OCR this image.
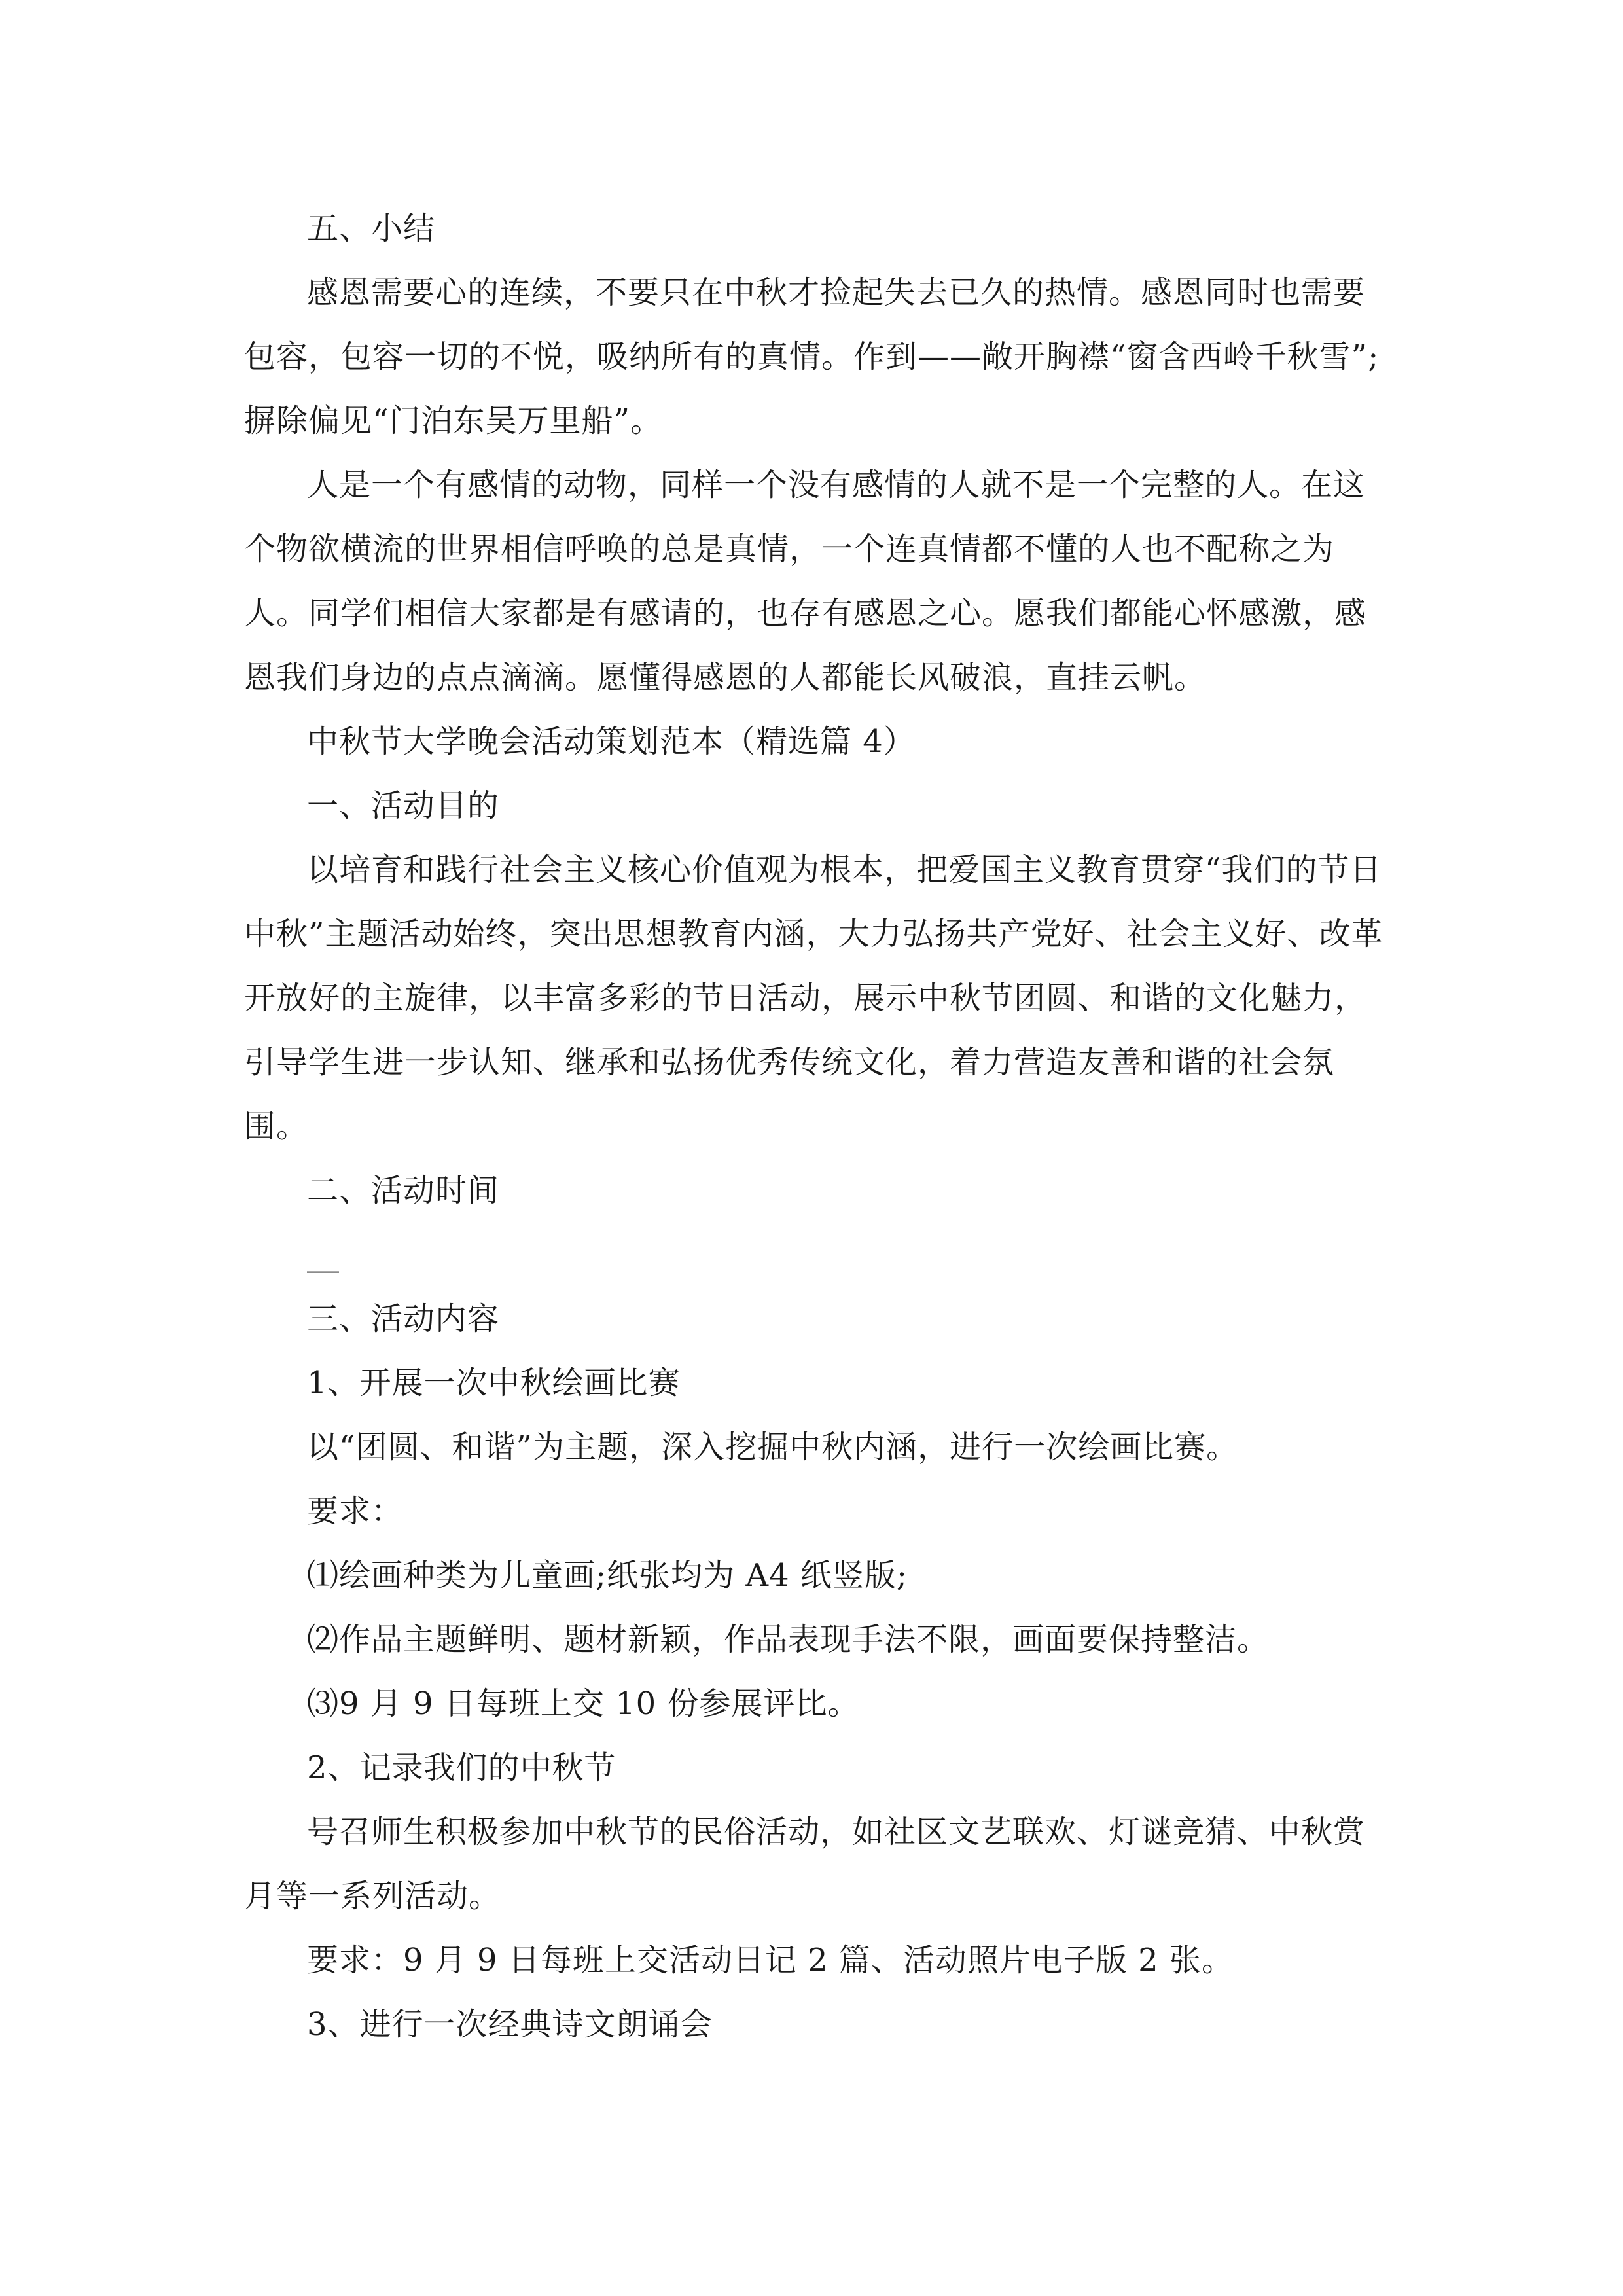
五、小结

感恩需要心的连续，不要只在中秋才捡起失去已久的热情。感恩同时也需要包容，包容一切的不悦，吸纳所有的真情。作到——敞开胸襟“窗含西岭千秋雪”;摒除偏见“门泊东吴万里船”。

人是一个有感情的动物，同样一个没有感情的人就不是一个完整的人。在这个物欲横流的世界相信呼唤的总是真情，一个连真情都不懂的人也不配称之为人。同学们相信大家都是有感请的，也存有感恩之心。愿我们都能心怀感激，感恩我们身边的点点滴滴。愿懂得感恩的人都能长风破浪，直挂云帆。

中秋节大学晚会活动策划范本（精选篇 4）

一、活动目的

以培育和践行社会主义核心价值观为根本，把爱国主义教育贯穿“我们的节日中秋”主题活动始终，突出思想教育内涵，大力弘扬共产党好、社会主义好、改革开放好的主旋律，以丰富多彩的节日活动，展示中秋节团圆、和谐的文化魅力，引导学生进一步认知、继承和弘扬优秀传统文化，着力营造友善和谐的社会氛围。

二、活动时间

__

三、活动内容

1、开展一次中秋绘画比赛

以“团圆、和谐”为主题，深入挖掘中秋内涵，进行一次绘画比赛。

要求：

⑴绘画种类为儿童画;纸张均为 A4 纸竖版;

⑵作品主题鲜明、题材新颖，作品表现手法不限，画面要保持整洁。

⑶9 月 9 日每班上交 10 份参展评比。

2、记录我们的中秋节

号召师生积极参加中秋节的民俗活动，如社区文艺联欢、灯谜竞猜、中秋赏月等一系列活动。

要求：9 月 9 日每班上交活动日记 2 篇、活动照片电子版 2 张。

3、进行一次经典诗文朗诵会
